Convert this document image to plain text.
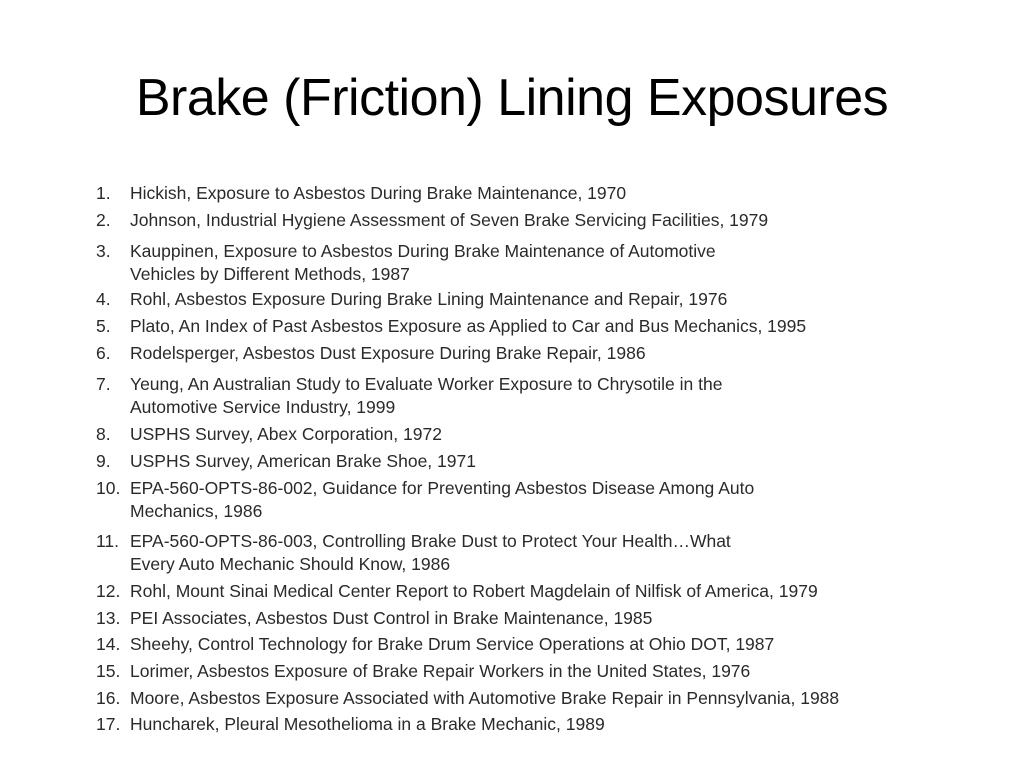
Brake (Friction) Lining Exposures
1.	Hickish, Exposure to Asbestos During Brake Maintenance, 1970
2.	Johnson, Industrial Hygiene Assessment of Seven Brake Servicing Facilities, 1979
3.	Kauppinen, Exposure to Asbestos During Brake Maintenance of Automotive
Vehicles by Different Methods, 1987
4.	Rohl, Asbestos Exposure During Brake Lining Maintenance and Repair, 1976
5.	Plato, An Index of Past Asbestos Exposure as Applied to Car and Bus Mechanics, 1995
6.	Rodelsperger, Asbestos Dust Exposure During Brake Repair, 1986
7.	Yeung, An Australian Study to Evaluate Worker Exposure to Chrysotile in the
Automotive Service Industry, 1999
8.	USPHS Survey, Abex Corporation, 1972
9.	USPHS Survey, American Brake Shoe, 1971
10. EPA-560-OPTS-86-002, Guidance for Preventing Asbestos Disease Among Auto
Mechanics, 1986
11. EPA-560-OPTS-86-003, Controlling Brake Dust to Protect Your Health…What
Every Auto Mechanic Should Know, 1986
12. Rohl, Mount Sinai Medical Center Report to Robert Magdelain of Nilfisk of America, 1979
13. PEI Associates, Asbestos Dust Control in Brake Maintenance, 1985
14. Sheehy, Control Technology for Brake Drum Service Operations at Ohio DOT, 1987
15. Lorimer, Asbestos Exposure of Brake Repair Workers in the United States, 1976
16. Moore, Asbestos Exposure Associated with Automotive Brake Repair in Pennsylvania, 1988
17. Huncharek, Pleural Mesothelioma in a Brake Mechanic, 1989
